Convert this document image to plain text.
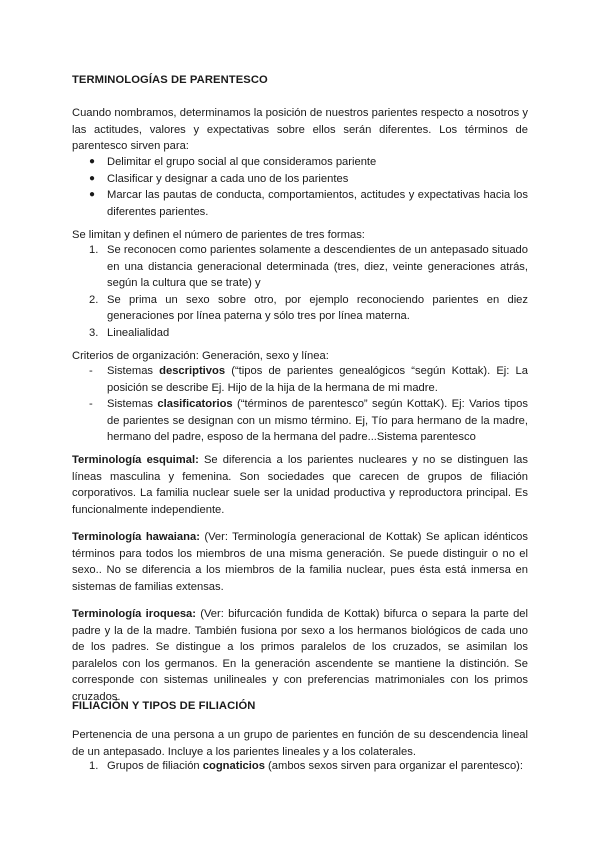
TERMINOLOGÍAS DE PARENTESCO

Cuando nombramos, determinamos la posición de nuestros parientes respecto a nosotros y las actitudes, valores y expectativas sobre ellos serán diferentes. Los términos de parentesco sirven para:

● Delimitar el grupo social al que consideramos pariente
● Clasificar y designar a cada uno de los parientes
● Marcar las pautas de conducta, comportamientos, actitudes y expectativas hacia los diferentes parientes.

Se limitan y definen el número de parientes de tres formas:

1. Se reconocen como parientes solamente a descendientes de un antepasado situado en una distancia generacional determinada (tres, diez, veinte generaciones atrás, según la cultura que se trate) y
2. Se prima un sexo sobre otro, por ejemplo reconociendo parientes en diez generaciones por línea paterna y sólo tres por línea materna.
3. Linealialidad

Criterios de organización: Generación, sexo y línea:

- Sistemas descriptivos (“tipos de parientes genealógicos “según Kottak). Ej: La posición se describe Ej. Hijo de la hija de la hermana de mi madre.
- Sistemas clasificatorios (“términos de parentesco” según KottaK). Ej: Varios tipos de parientes se designan con un mismo término. Ej, Tío para hermano de la madre, hermano del padre, esposo de la hermana del padre...Sistema parentesco

Terminología esquimal: Se diferencia a los parientes nucleares y no se distinguen las líneas masculina y femenina. Son sociedades que carecen de grupos de filiación corporativos. La familia nuclear suele ser la unidad productiva y reproductora principal. Es funcionalmente independiente.

Terminología hawaiana: (Ver: Terminología generacional de Kottak) Se aplican idénticos términos para todos los miembros de una misma generación. Se puede distinguir o no el sexo.. No se diferencia a los miembros de la familia nuclear, pues ésta está inmersa en sistemas de familias extensas.

Terminología iroquesa: (Ver: bifurcación fundida de Kottak) bifurca o separa la parte del padre y la de la madre. También fusiona por sexo a los hermanos biológicos de cada uno de los padres. Se distingue a los primos paralelos de los cruzados, se asimilan los paralelos con los germanos. En la generación ascendente se mantiene la distinción. Se corresponde con sistemas unilineales y con preferencias matrimoniales con los primos cruzados.

FILIACIÓN Y TIPOS DE FILIACIÓN

Pertenencia de una persona a un grupo de parientes en función de su descendencia lineal de un antepasado. Incluye a los parientes lineales y a los colaterales.

1. Grupos de filiación cognaticios (ambos sexos sirven para organizar el parentesco):
